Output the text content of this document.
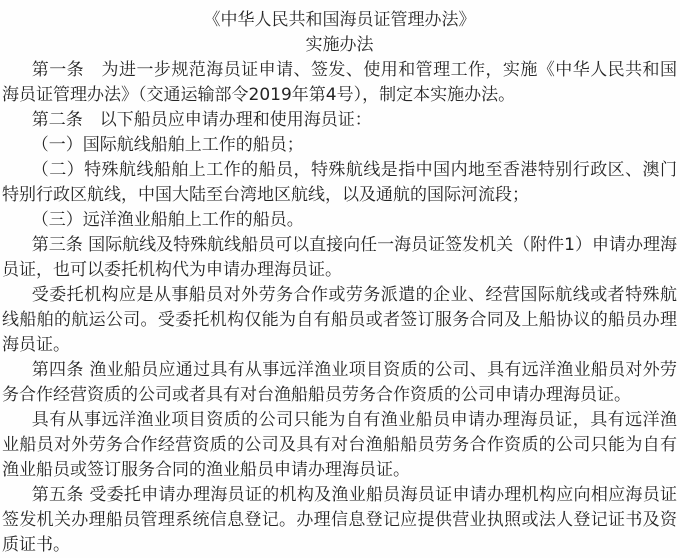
《中华人民共和国海员证管理办法》
实施办法

第一条　为进一步规范海员证申请、签发、使用和管理工作，实施《中华人民共和国海员证管理办法》（交通运输部令2019年第4号），制定本实施办法。

第二条　以下船员应申请办理和使用海员证：

（一）国际航线船舶上工作的船员；

（二）特殊航线船舶上工作的船员，特殊航线是指中国内地至香港特别行政区、澳门特别行政区航线，中国大陆至台湾地区航线，以及通航的国际河流段；

（三）远洋渔业船舶上工作的船员。

第三条 国际航线及特殊航线船员可以直接向任一海员证签发机关（附件1）申请办理海员证，也可以委托机构代为申请办理海员证。

受委托机构应是从事船员对外劳务合作或劳务派遣的企业、经营国际航线或者特殊航线船舶的航运公司。受委托机构仅能为自有船员或者签订服务合同及上船协议的船员办理海员证。

第四条 渔业船员应通过具有从事远洋渔业项目资质的公司、具有远洋渔业船员对外劳务合作经营资质的公司或者具有对台渔船船员劳务合作资质的公司申请办理海员证。

具有从事远洋渔业项目资质的公司只能为自有渔业船员申请办理海员证，具有远洋渔业船员对外劳务合作经营资质的公司及具有对台渔船船员劳务合作资质的公司只能为自有渔业船员或签订服务合同的渔业船员申请办理海员证。

第五条 受委托申请办理海员证的机构及渔业船员海员证申请办理机构应向相应海员证签发机关办理船员管理系统信息登记。办理信息登记应提供营业执照或法人登记证书及资质证书。
